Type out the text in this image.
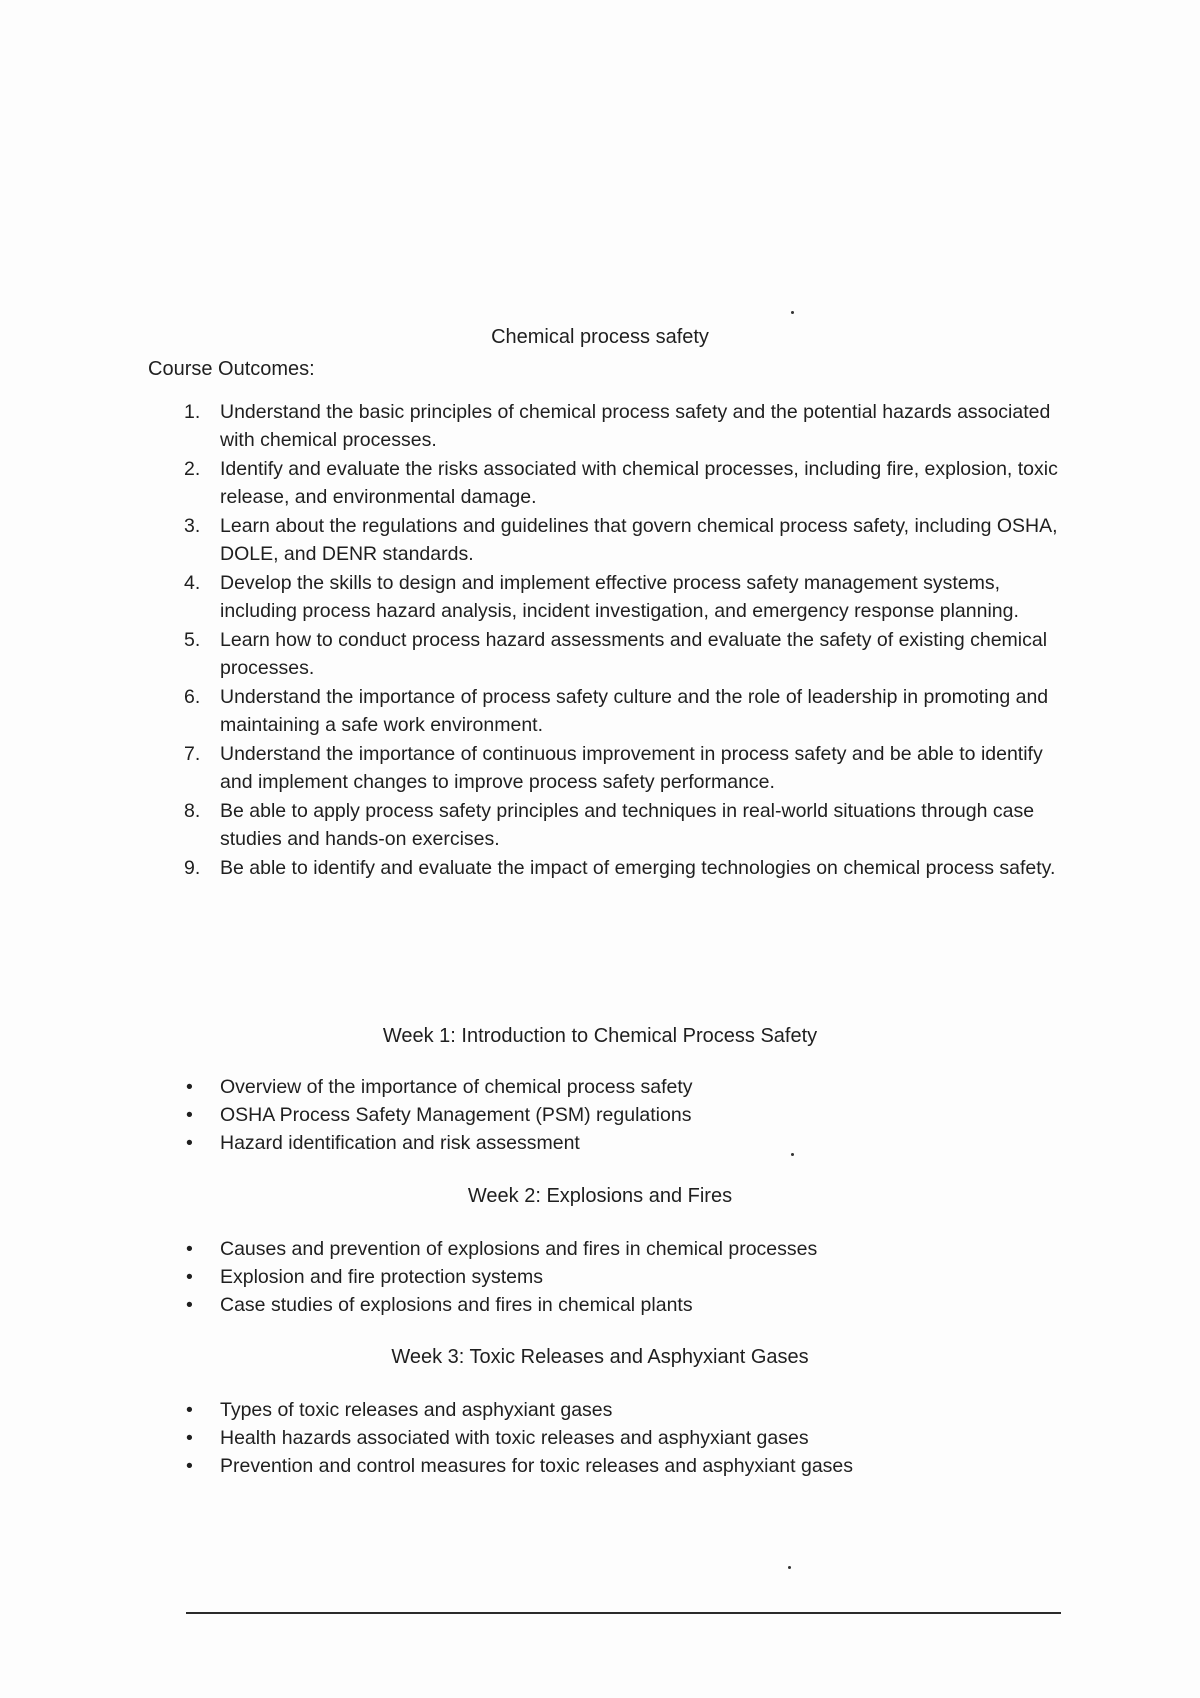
Chemical process safety
Course Outcomes:
1. Understand the basic principles of chemical process safety and the potential hazards associated with chemical processes.
2. Identify and evaluate the risks associated with chemical processes, including fire, explosion, toxic release, and environmental damage.
3. Learn about the regulations and guidelines that govern chemical process safety, including OSHA, DOLE, and DENR standards.
4. Develop the skills to design and implement effective process safety management systems, including process hazard analysis, incident investigation, and emergency response planning.
5. Learn how to conduct process hazard assessments and evaluate the safety of existing chemical processes.
6. Understand the importance of process safety culture and the role of leadership in promoting and maintaining a safe work environment.
7. Understand the importance of continuous improvement in process safety and be able to identify and implement changes to improve process safety performance.
8. Be able to apply process safety principles and techniques in real-world situations through case studies and hands-on exercises.
9. Be able to identify and evaluate the impact of emerging technologies on chemical process safety.
Week 1: Introduction to Chemical Process Safety
• Overview of the importance of chemical process safety
• OSHA Process Safety Management (PSM) regulations
• Hazard identification and risk assessment
Week 2: Explosions and Fires
• Causes and prevention of explosions and fires in chemical processes
• Explosion and fire protection systems
• Case studies of explosions and fires in chemical plants
Week 3: Toxic Releases and Asphyxiant Gases
• Types of toxic releases and asphyxiant gases
• Health hazards associated with toxic releases and asphyxiant gases
• Prevention and control measures for toxic releases and asphyxiant gases
